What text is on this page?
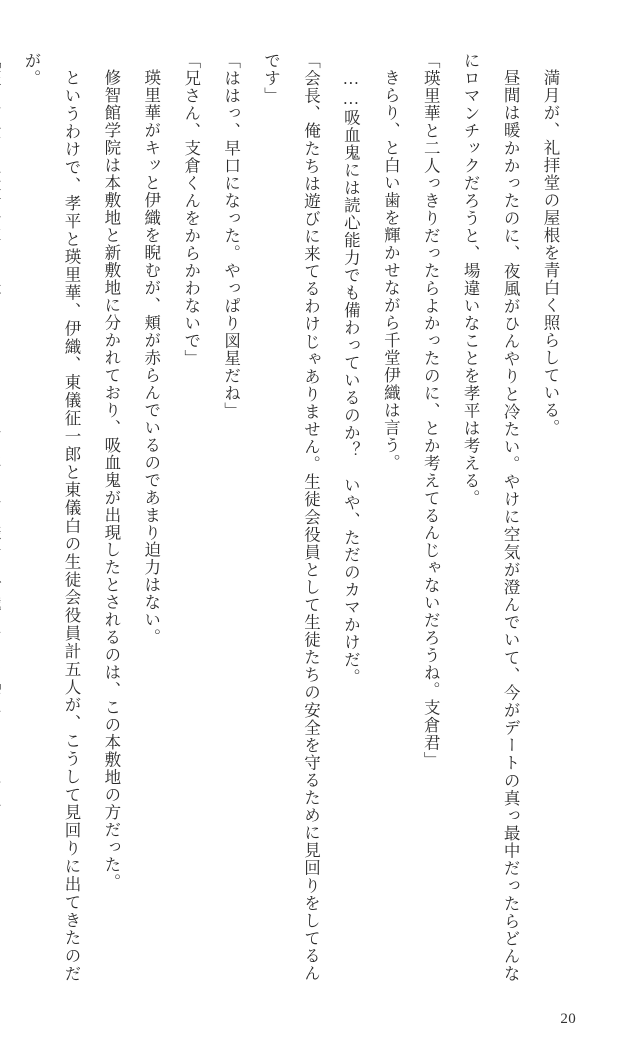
満月が、礼拝堂の屋根を青白く照らしている。

昼間は暖かかったのに、夜風がひんやりと冷たい。やけに空気が澄んでいて、今がデートの真っ最中だったらどんなにロマンチックだろうと、場違いなことを孝平は考える。

「瑛里華と二人っきりだったらよかったのに、とか考えてるんじゃないだろうね。支倉君」

きらり、と白い歯を輝かせながら千堂伊織は言う。

……吸血鬼には読心能力でも備わっているのか？　いや、ただのカマかけだ。

「会長、俺たちは遊びに来てるわけじゃありません。生徒会役員として生徒たちの安全を守るために見回りをしてるんです」

「ははっ、早口になった。やっぱり図星だね」

「兄さん、支倉くんをからかわないで」

瑛里華がキッと伊織を睨むが、頬が赤らんでいるのであまり迫力はない。

修智館学院は本敷地と新敷地に分かれており、吸血鬼が出現したとされるのは、この本敷地の方だった。

というわけで、孝平と瑛里華、伊織、東儀征一郎と東儀白の生徒会役員計五人が、こうして見回りに出てきたのだが。

20
